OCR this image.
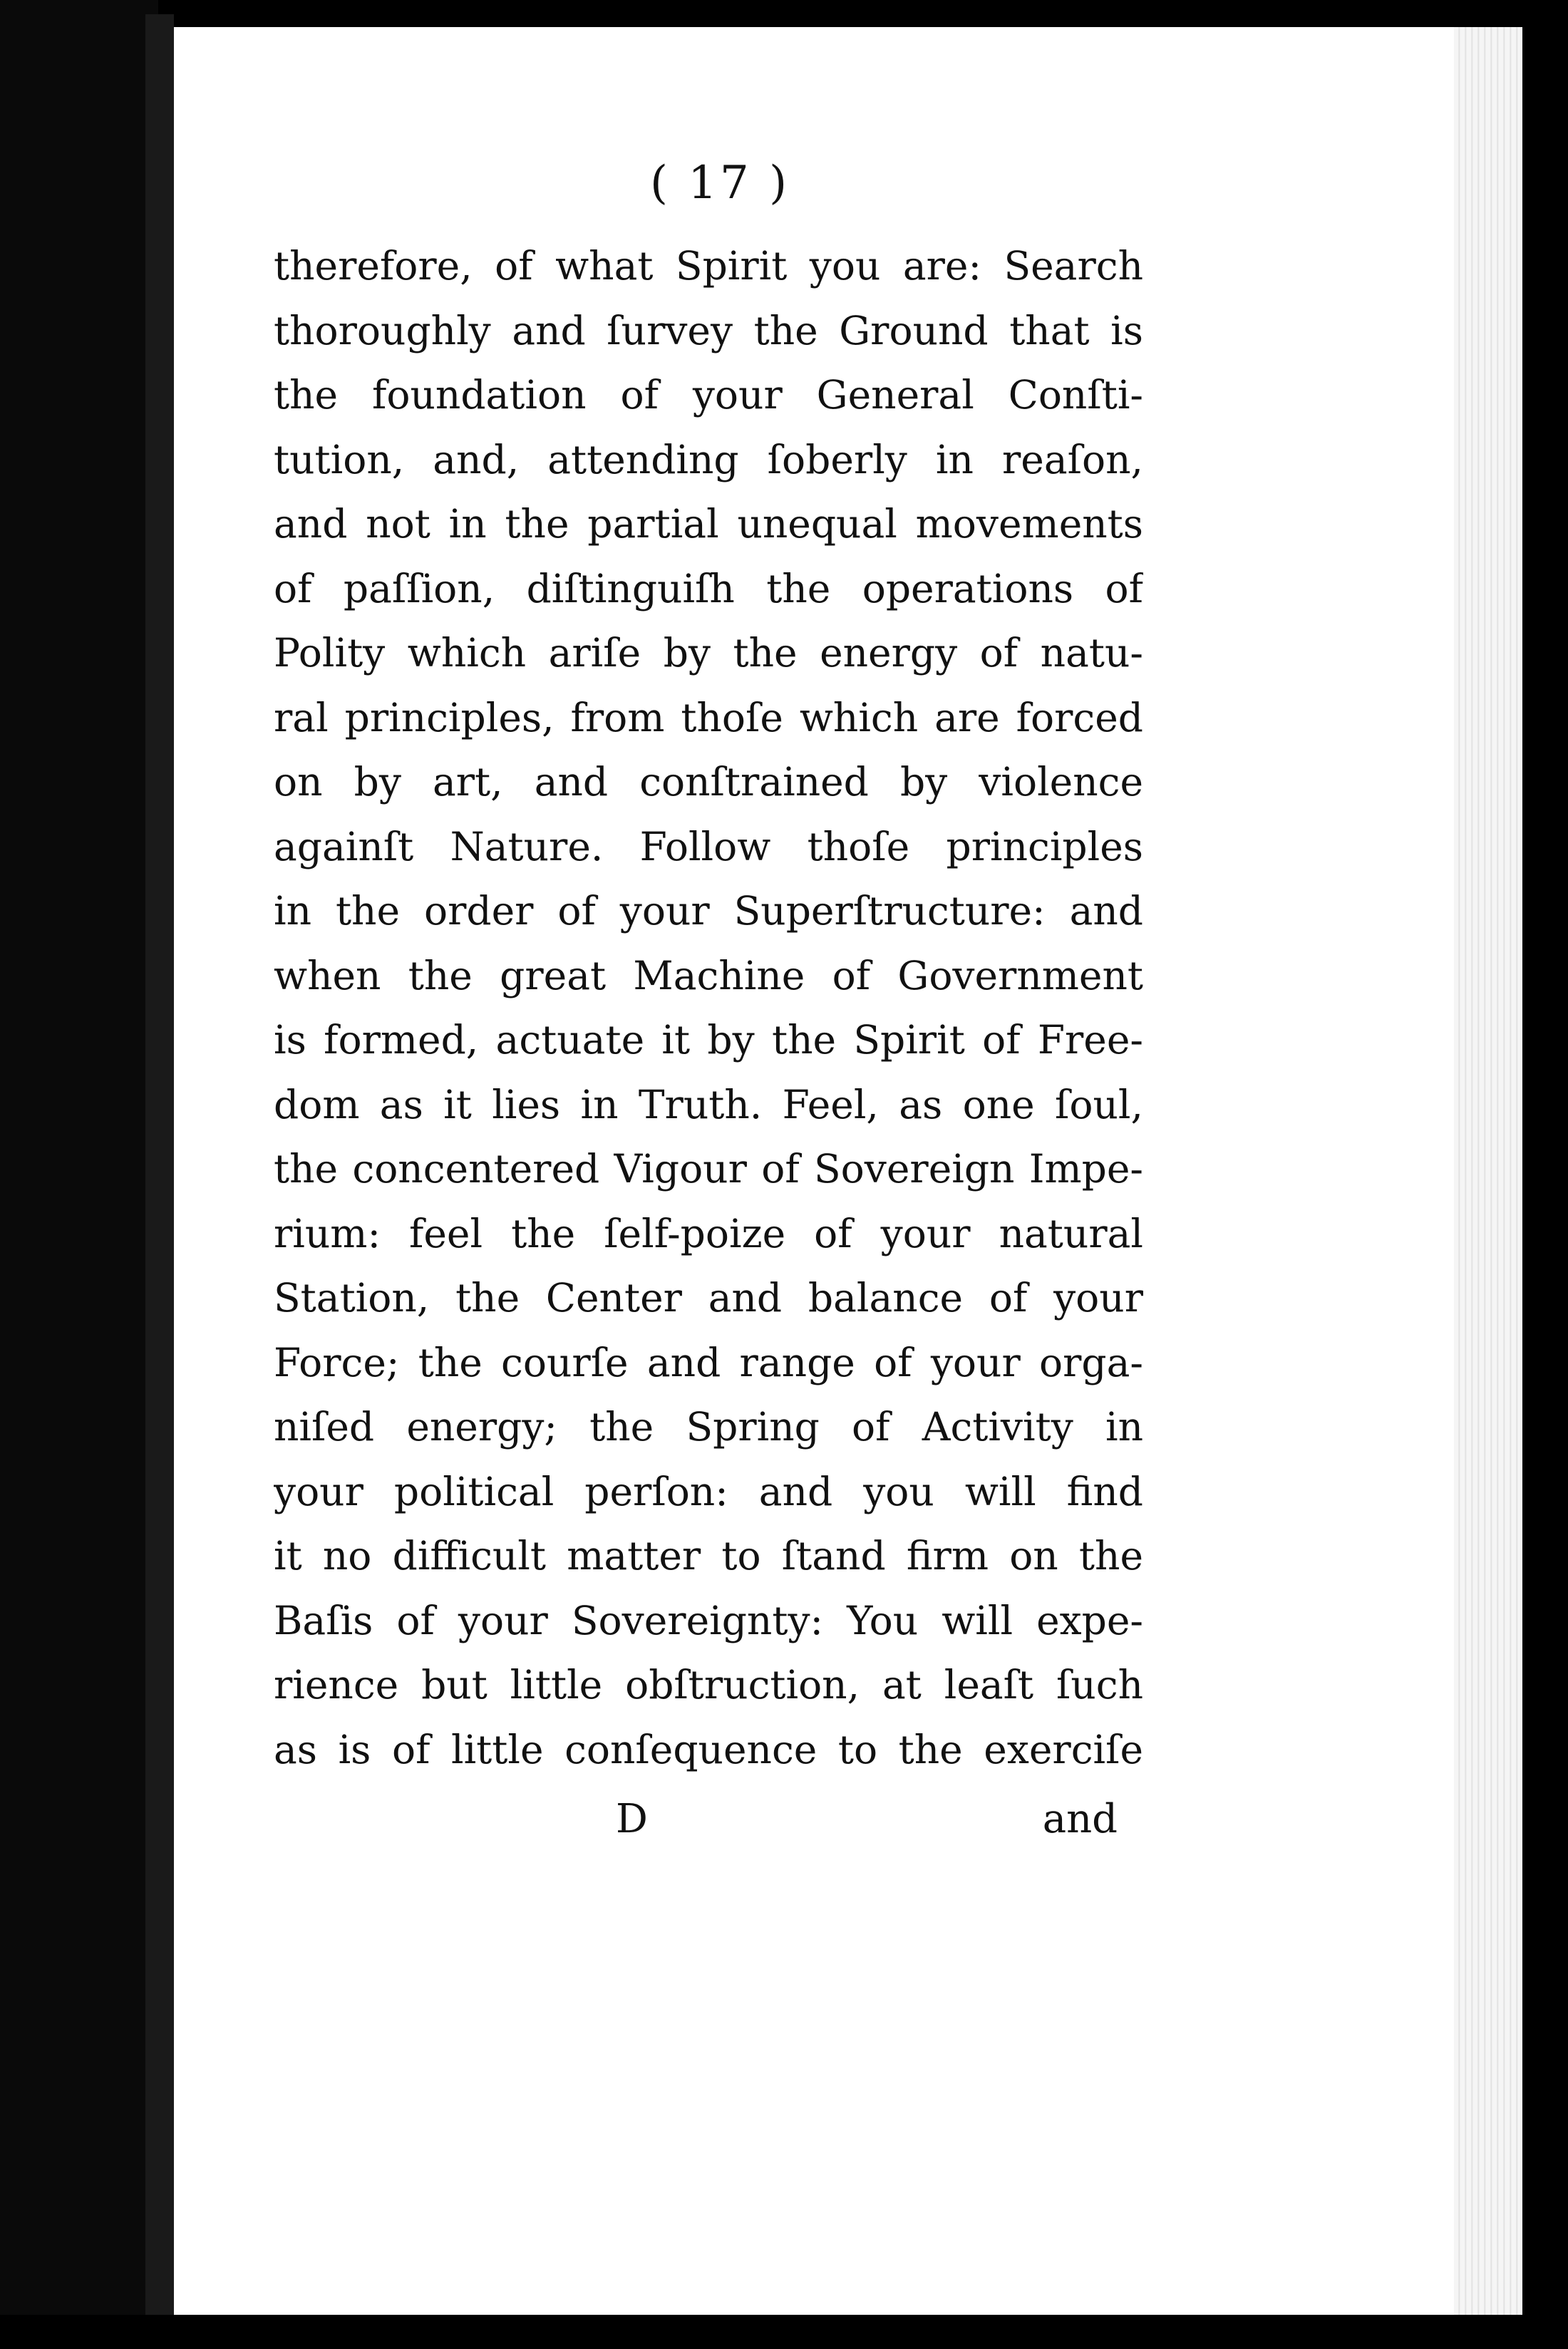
( 17 )
therefore, of what Spirit you are: Search
thoroughly and ſurvey the Ground that is
the foundation of your General Conſti-
tution, and, attending ſoberly in reaſon,
and not in the partial unequal movements
of paſſion, diſtinguiſh the operations of
Polity which ariſe by the energy of natu-
ral principles, from thoſe which are forced
on by art, and conſtrained by violence
againſt Nature. Follow thoſe principles
in the order of your Superſtructure: and
when the great Machine of Government
is formed, actuate it by the Spirit of Free-
dom as it lies in Truth. Feel, as one ſoul,
the concentered Vigour of Sovereign Impe-
rium: feel the ſelf-poize of your natural
Station, the Center and balance of your
Force; the courſe and range of your orga-
niſed energy; the Spring of Activity in
your political perſon: and you will find
it no difficult matter to ſtand firm on the
Baſis of your Sovereignty: You will expe-
rience but little obſtruction, at leaſt ſuch
as is of little conſequence to the exerciſe
D	and
